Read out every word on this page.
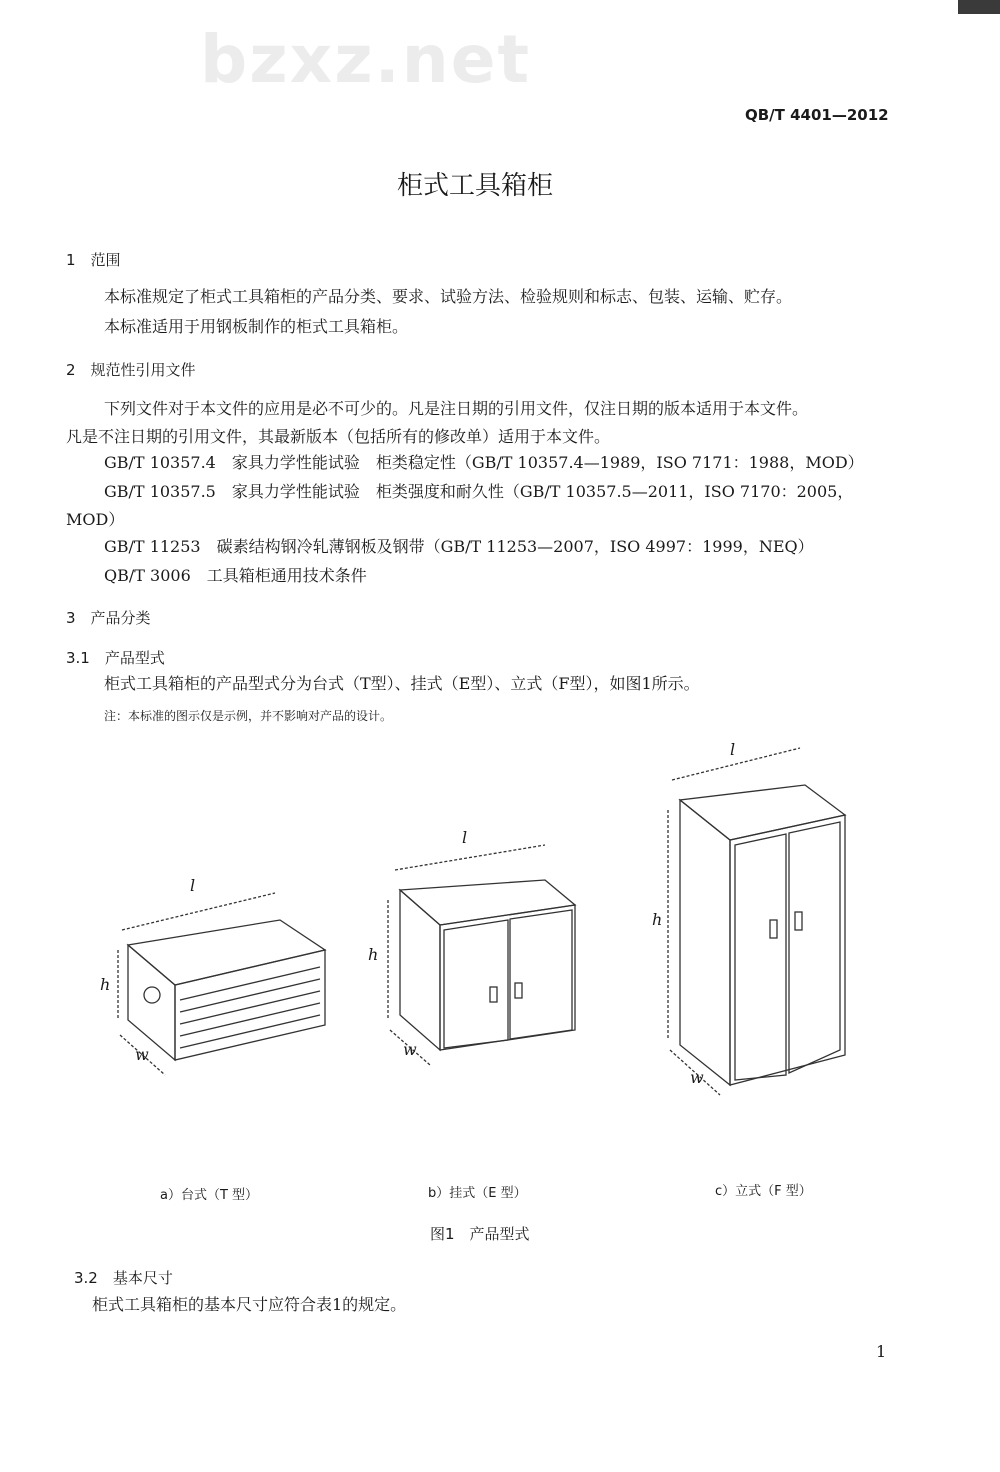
bzxz.net
QB/T 4401—2012
柜式工具箱柜
1　范围
本标准规定了柜式工具箱柜的产品分类、要求、试验方法、检验规则和标志、包装、运输、贮存。
本标准适用于用钢板制作的柜式工具箱柜。
2　规范性引用文件
下列文件对于本文件的应用是必不可少的。凡是注日期的引用文件，仅注日期的版本适用于本文件。
凡是不注日期的引用文件，其最新版本（包括所有的修改单）适用于本文件。
GB/T 10357.4　家具力学性能试验　柜类稳定性（GB/T 10357.4—1989，ISO 7171：1988，MOD）
GB/T 10357.5　家具力学性能试验　柜类强度和耐久性（GB/T 10357.5—2011，ISO 7170：2005，
MOD）
GB/T 11253　碳素结构钢冷轧薄钢板及钢带（GB/T 11253—2007，ISO 4997：1999，NEQ）
QB/T 3006　工具箱柜通用技术条件
3　产品分类
3.1　产品型式
柜式工具箱柜的产品型式分为台式（T型）、挂式（E型）、立式（F型），如图1所示。
注：本标准的图示仅是示例，并不影响对产品的设计。
l
h
w
l
h
w
l
h
w
a）台式（T 型）	b）挂式（E 型）	c）立式（F 型）
图1　产品型式
3.2　基本尺寸
柜式工具箱柜的基本尺寸应符合表1的规定。
1
